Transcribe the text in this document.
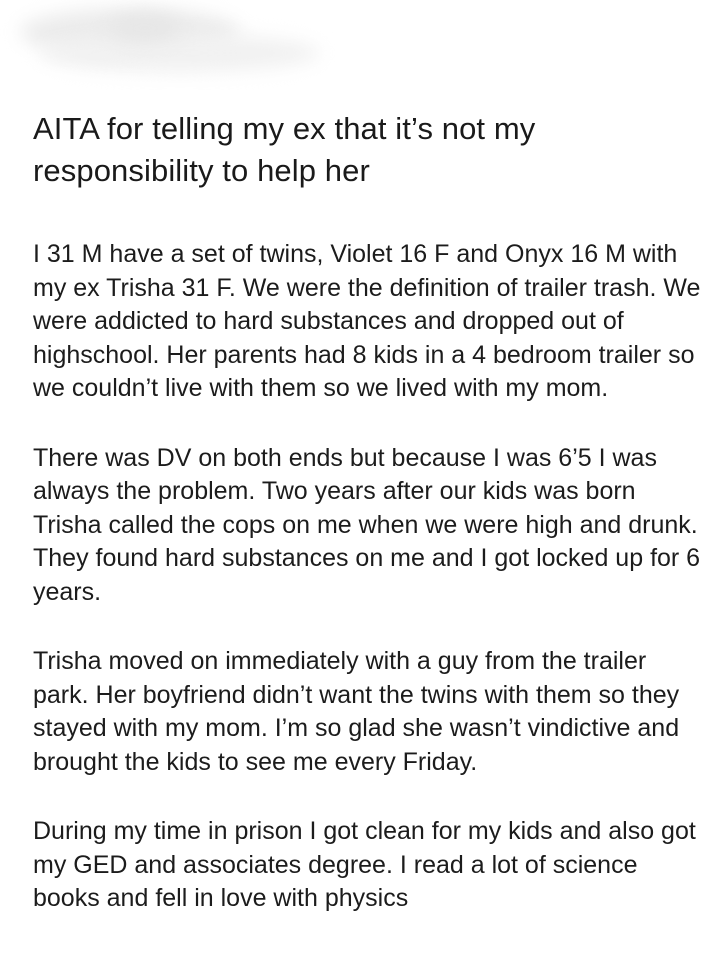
AITA for telling my ex that it’s not my responsibility to help her

I 31 M have a set of twins, Violet 16 F and Onyx 16 M with my ex Trisha 31 F. We were the definition of trailer trash. We were addicted to hard substances and dropped out of highschool. Her parents had 8 kids in a 4 bedroom trailer so we couldn’t live with them so we lived with my mom.

There was DV on both ends but because I was 6’5 I was always the problem. Two years after our kids was born Trisha called the cops on me when we were high and drunk. They found hard substances on me and I got locked up for 6 years.

Trisha moved on immediately with a guy from the trailer park. Her boyfriend didn’t want the twins with them so they stayed with my mom. I’m so glad she wasn’t vindictive and brought the kids to see me every Friday.

During my time in prison I got clean for my kids and also got my GED and associates degree. I read a lot of science books and fell in love with physics
